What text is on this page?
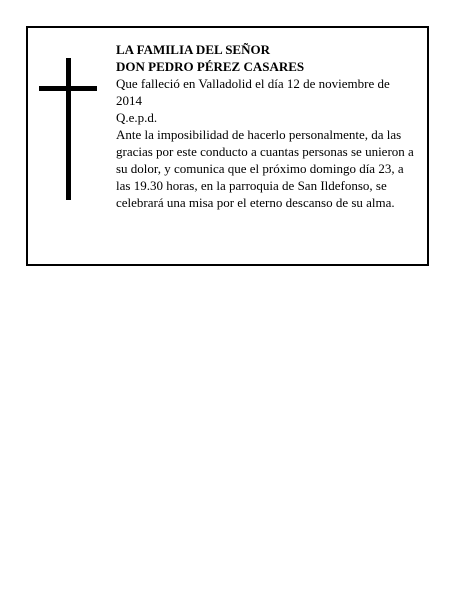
LA FAMILIA DEL SEÑOR

DON PEDRO PÉREZ CASARES

Que falleció en Valladolid el día 12 de noviembre de 2014

Q.e.p.d.

Ante la imposibilidad de hacerlo personalmente, da las gracias por este conducto a cuantas personas se unieron a su dolor, y comunica que el próximo domingo día 23, a las 19.30 horas, en la parroquia de San Ildefonso, se celebrará una misa por el eterno descanso de su alma.
